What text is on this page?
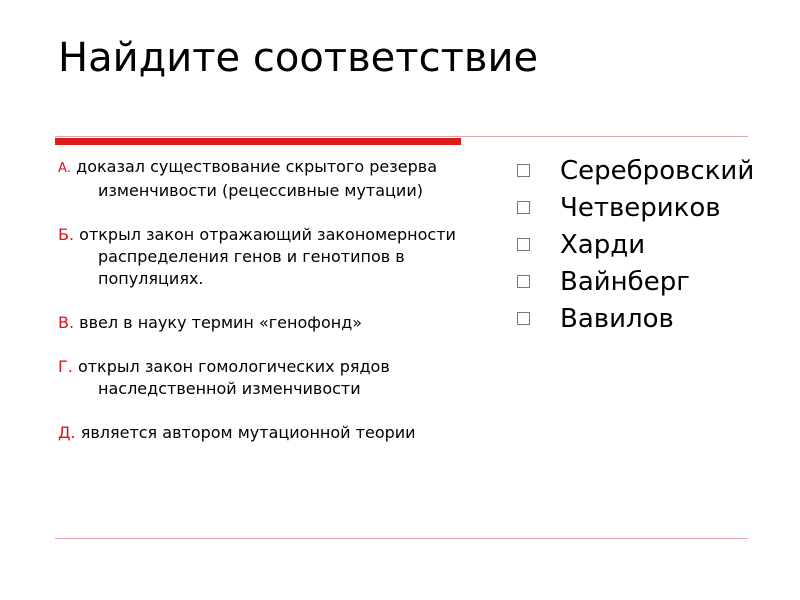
Найдите соответствие
А. доказал существование скрытого резерва изменчивости (рецессивные мутации)
Б. открыл закон отражающий закономерности распределения генов и генотипов в популяциях.
В. ввел в науку термин «генофонд»
Г. открыл закон гомологических рядов наследственной изменчивости
Д. является автором мутационной теории
Серебровский
Четвериков
Харди
Вайнберг
Вавилов
